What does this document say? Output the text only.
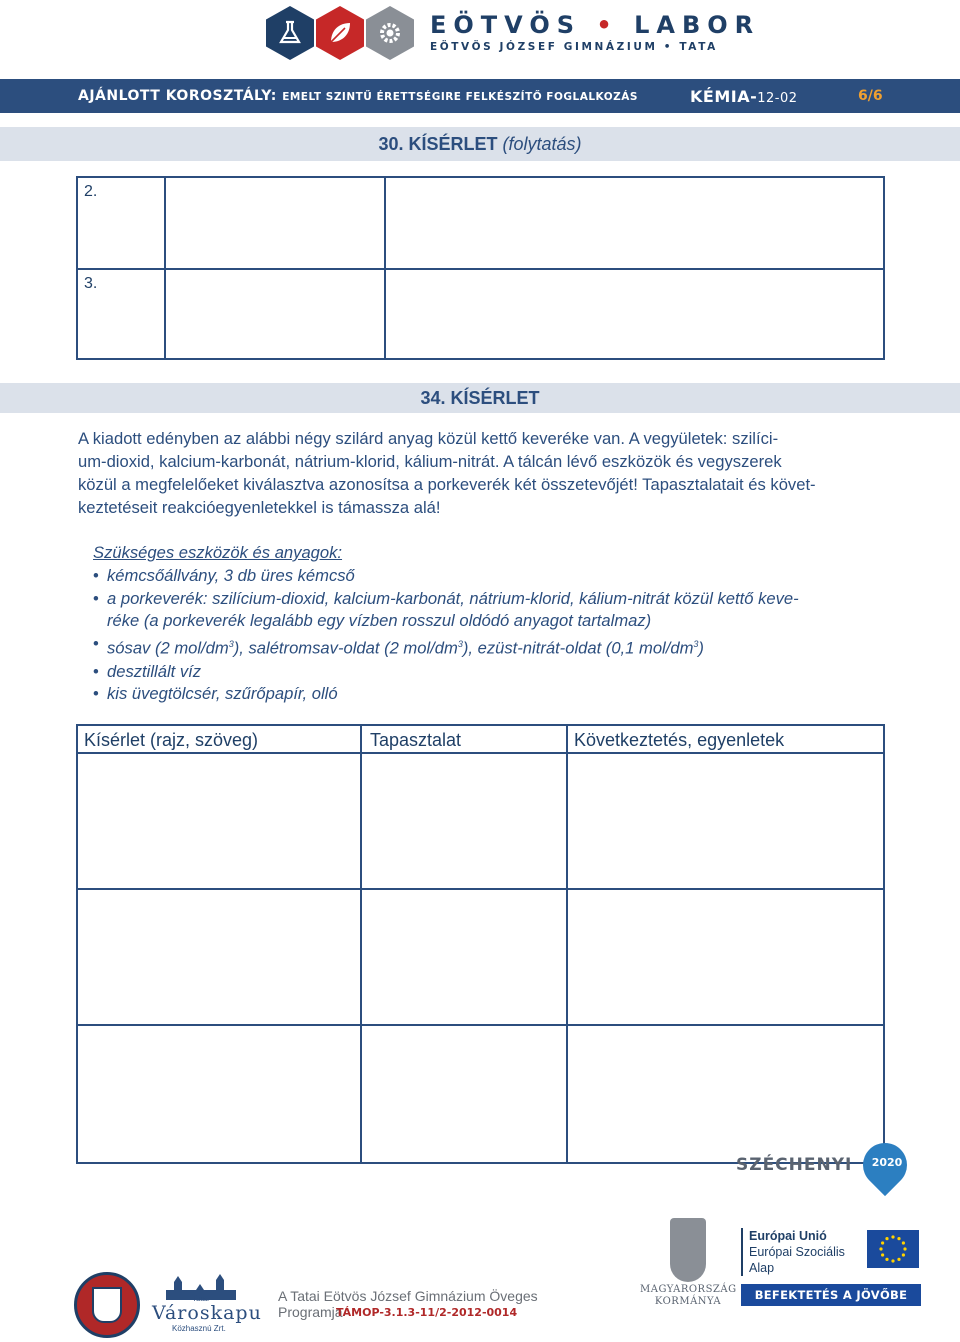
EÖTVÖS • LABOR
EÖTVÖS JÓZSEF GIMNÁZIUM • TATA
AJÁNLOTT KOROSZTÁLY: EMELT SZINTŰ ÉRETTSÉGIRE FELKÉSZÍTŐ FOGLALKOZÁS	KÉMIA-12-02	6/6
30. KÍSÉRLET (folytatás)
2.
3.
34. KÍSÉRLET
A kiadott edényben az alábbi négy szilárd anyag közül kettő keveréke van. A vegyületek: szilíci-
um-dioxid, kalcium-karbonát, nátrium-klorid, kálium-nitrát. A tálcán lévő eszközök és vegyszerek
közül a megfelelőeket kiválasztva azonosítsa a porkeverék két összetevőjét! Tapasztalatait és követ-
keztetéseit reakcióegyenletekkel is támassza alá!
Szükséges eszközök és anyagok:
• kémcsőállvány, 3 db üres kémcső
• a porkeverék: szilícium-dioxid, kalcium-karbonát, nátrium-klorid, kálium-nitrát közül kettő keve-
réke (a porkeverék legalább egy vízben rosszul oldódó anyagot tartalmaz)
• sósav (2 mol/$dm^3$), salétromsav-oldat (2 mol/$dm^3$), ezüst-nitrát-oldat (0,1 mol/$dm^3$)
• desztillált víz
• kis üvegtölcsér, szűrőpapír, olló
Kísérlet (rajz, szöveg)	Tapasztalat	Következtetés, egyenletek
SZÉCHENYI	2020
Tatai
Városkapu
Közhasznú Zrt.
A Tatai Eötvös József Gimnázium Öveges Programja
TÁMOP-3.1.3-11/2-2012-0014
MAGYARORSZÁG
KORMÁNYA
Európai Unió
Európai Szociális
Alap
BEFEKTETÉS A JÖVŐBE
